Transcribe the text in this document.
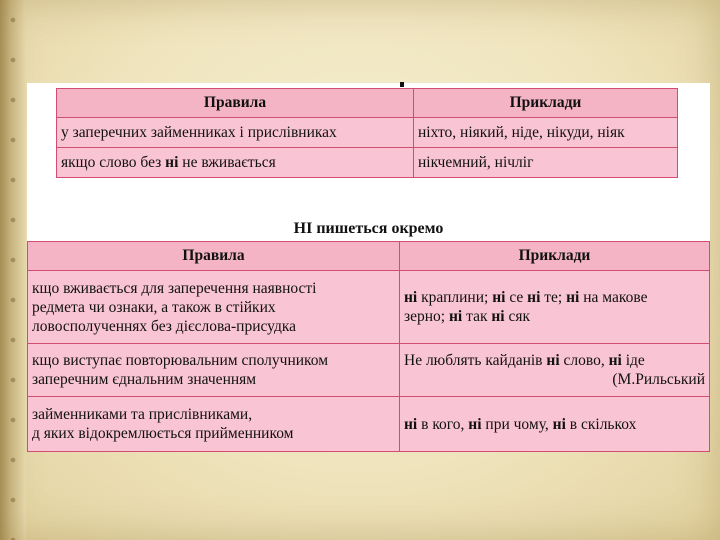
Правила	Приклади
у заперечних займенниках і прислівниках	ніхто, ніякий, ніде, нікуди, ніяк
якщо слово без ні не вживається	нікчемний, нічліг
НІ пишеться окремо
Правила	Приклади
кщо вживається для заперечення наявності
редмета чи ознаки, а також в стійких
ловосполученнях без дієслова-присудка	ні краплини; ні се ні те; ні на макове
зерно; ні так ні сяк
кщо виступає повторювальним сполучником
заперечним єднальним значенням	Не люблять кайданів ні слово, ні іде

(М.Рильський

займенниками та прислівниками,
д яких відокремлюється прийменником	ні в кого, ні при чому, ні в скількох
